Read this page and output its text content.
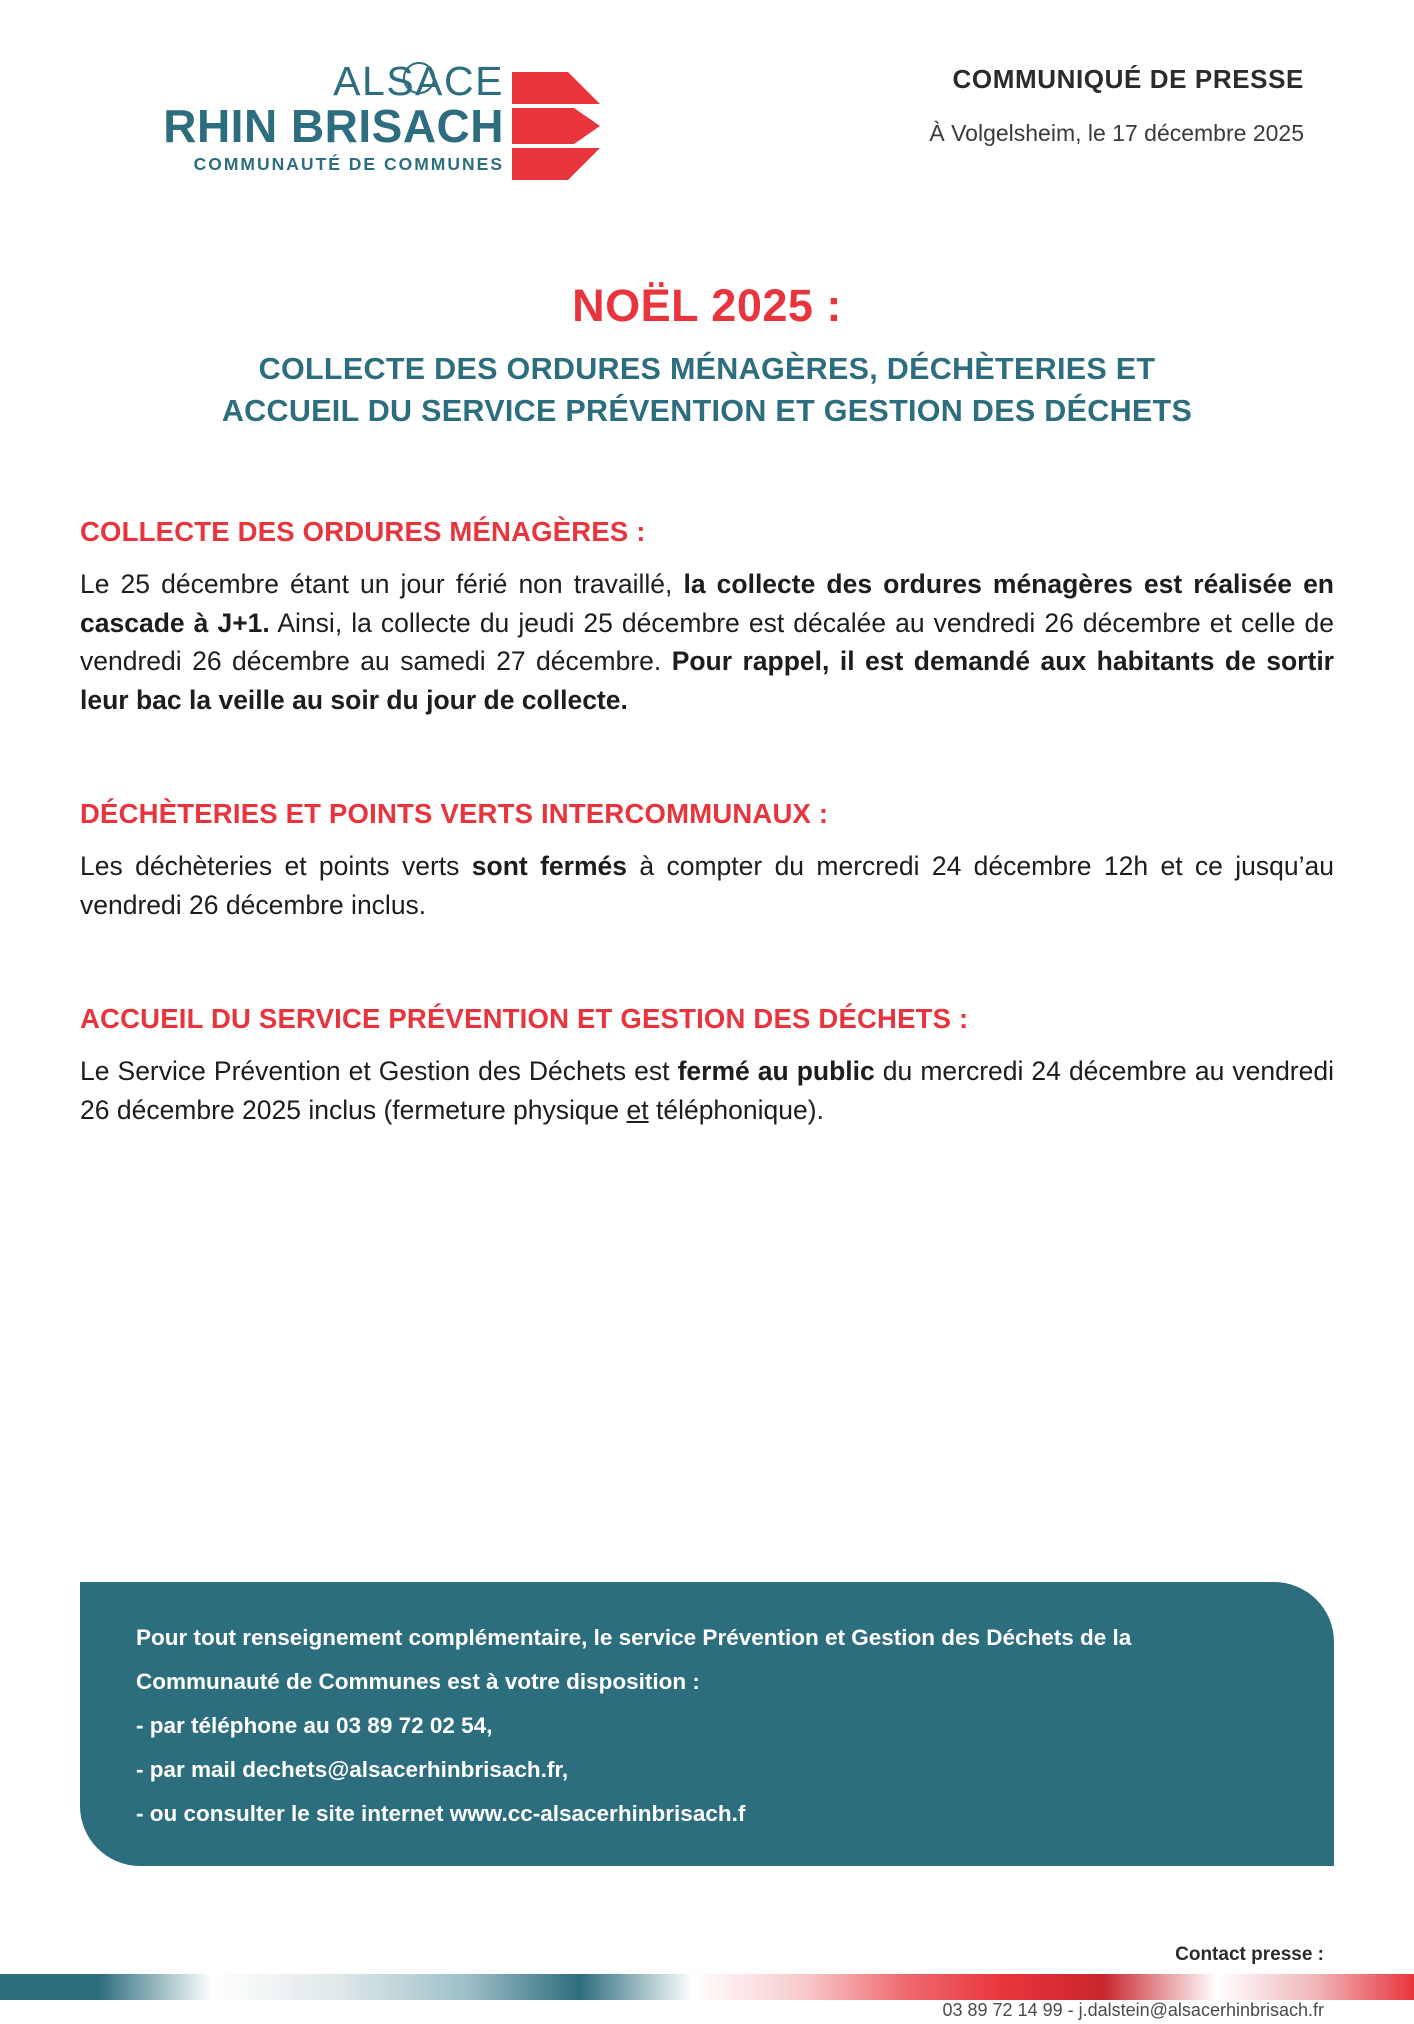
ALS
ACE
RHIN BRISACH
COMMUNAUTÉ DE COMMUNES
COMMUNIQUÉ DE PRESSE
À Volgelsheim, le 17 décembre 2025
NOËL 2025 :
COLLECTE DES ORDURES MÉNAGÈRES, DÉCHÈTERIES ET
ACCUEIL DU SERVICE PRÉVENTION ET GESTION DES DÉCHETS
COLLECTE DES ORDURES MÉNAGÈRES :

Le 25 décembre étant un jour férié non travaillé, la collecte des ordures ménagères est réalisée en cascade à J+1. Ainsi, la collecte du jeudi 25 décembre est décalée au vendredi 26 décembre et celle de vendredi 26 décembre au samedi 27 décembre. Pour rappel, il est demandé aux habitants de sortir leur bac la veille au soir du jour de collecte.

DÉCHÈTERIES ET POINTS VERTS INTERCOMMUNAUX :

Les déchèteries et points verts sont fermés à compter du mercredi 24 décembre 12h et ce jusqu’au vendredi 26 décembre inclus.

ACCUEIL DU SERVICE PRÉVENTION ET GESTION DES DÉCHETS :

Le Service Prévention et Gestion des Déchets est fermé au public du mercredi 24 décembre au vendredi 26 décembre 2025 inclus (fermeture physique et téléphonique).

Pour tout renseignement complémentaire, le service Prévention et Gestion des Déchets de la

Communauté de Communes est à votre disposition :

- par téléphone au 03 89 72 02 54,

- par mail dechets@alsacerhinbrisach.fr,

- ou consulter le site internet www.cc-alsacerhinbrisach.f

Contact presse :

03 89 72 14 99 - j.dalstein@alsacerhinbrisach.fr
